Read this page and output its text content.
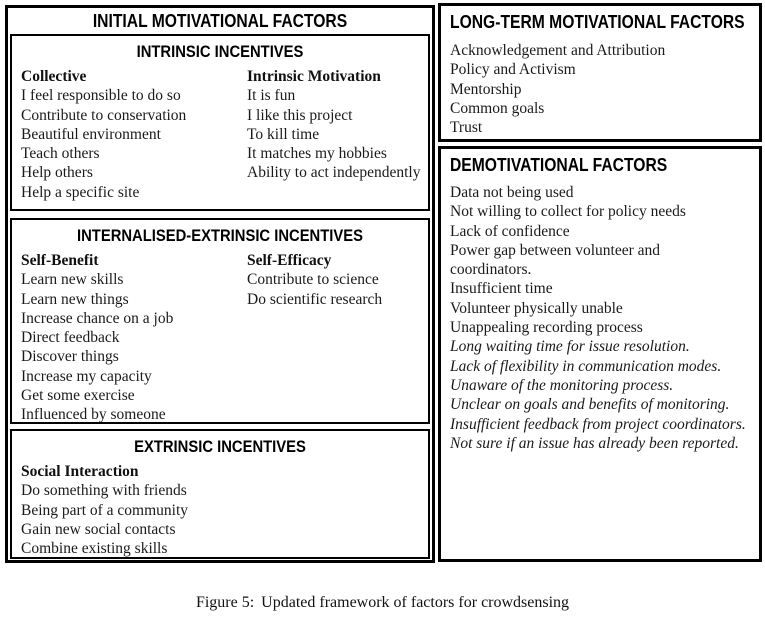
INITIAL MOTIVATIONAL FACTORS
INTRINSIC INCENTIVES
Collective
I feel responsible to do so
Contribute to conservation
Beautiful environment
Teach others
Help others
Help a specific site
Intrinsic Motivation
It is fun
I like this project
To kill time
It matches my hobbies
Ability to act independently
INTERNALISED-EXTRINSIC INCENTIVES
Self-Benefit
Learn new skills
Learn new things
Increase chance on a job
Direct feedback
Discover things
Increase my capacity
Get some exercise
Influenced by someone
Self-Efficacy
Contribute to science
Do scientific research
EXTRINSIC INCENTIVES
Social Interaction
Do something with friends
Being part of a community
Gain new social contacts
Combine existing skills
LONG-TERM MOTIVATIONAL FACTORS
Acknowledgement and Attribution
Policy and Activism
Mentorship
Common goals
Trust
DEMOTIVATIONAL FACTORS
Data not being used
Not willing to collect for policy needs
Lack of confidence
Power gap between volunteer and coordinators.
Insufficient time
Volunteer physically unable
Unappealing recording process
Long waiting time for issue resolution.
Lack of flexibility in communication modes.
Unaware of the monitoring process.
Unclear on goals and benefits of monitoring.
Insufficient feedback from project coordinators.
Not sure if an issue has already been reported.
Figure 5: Updated framework of factors for crowdsensing
